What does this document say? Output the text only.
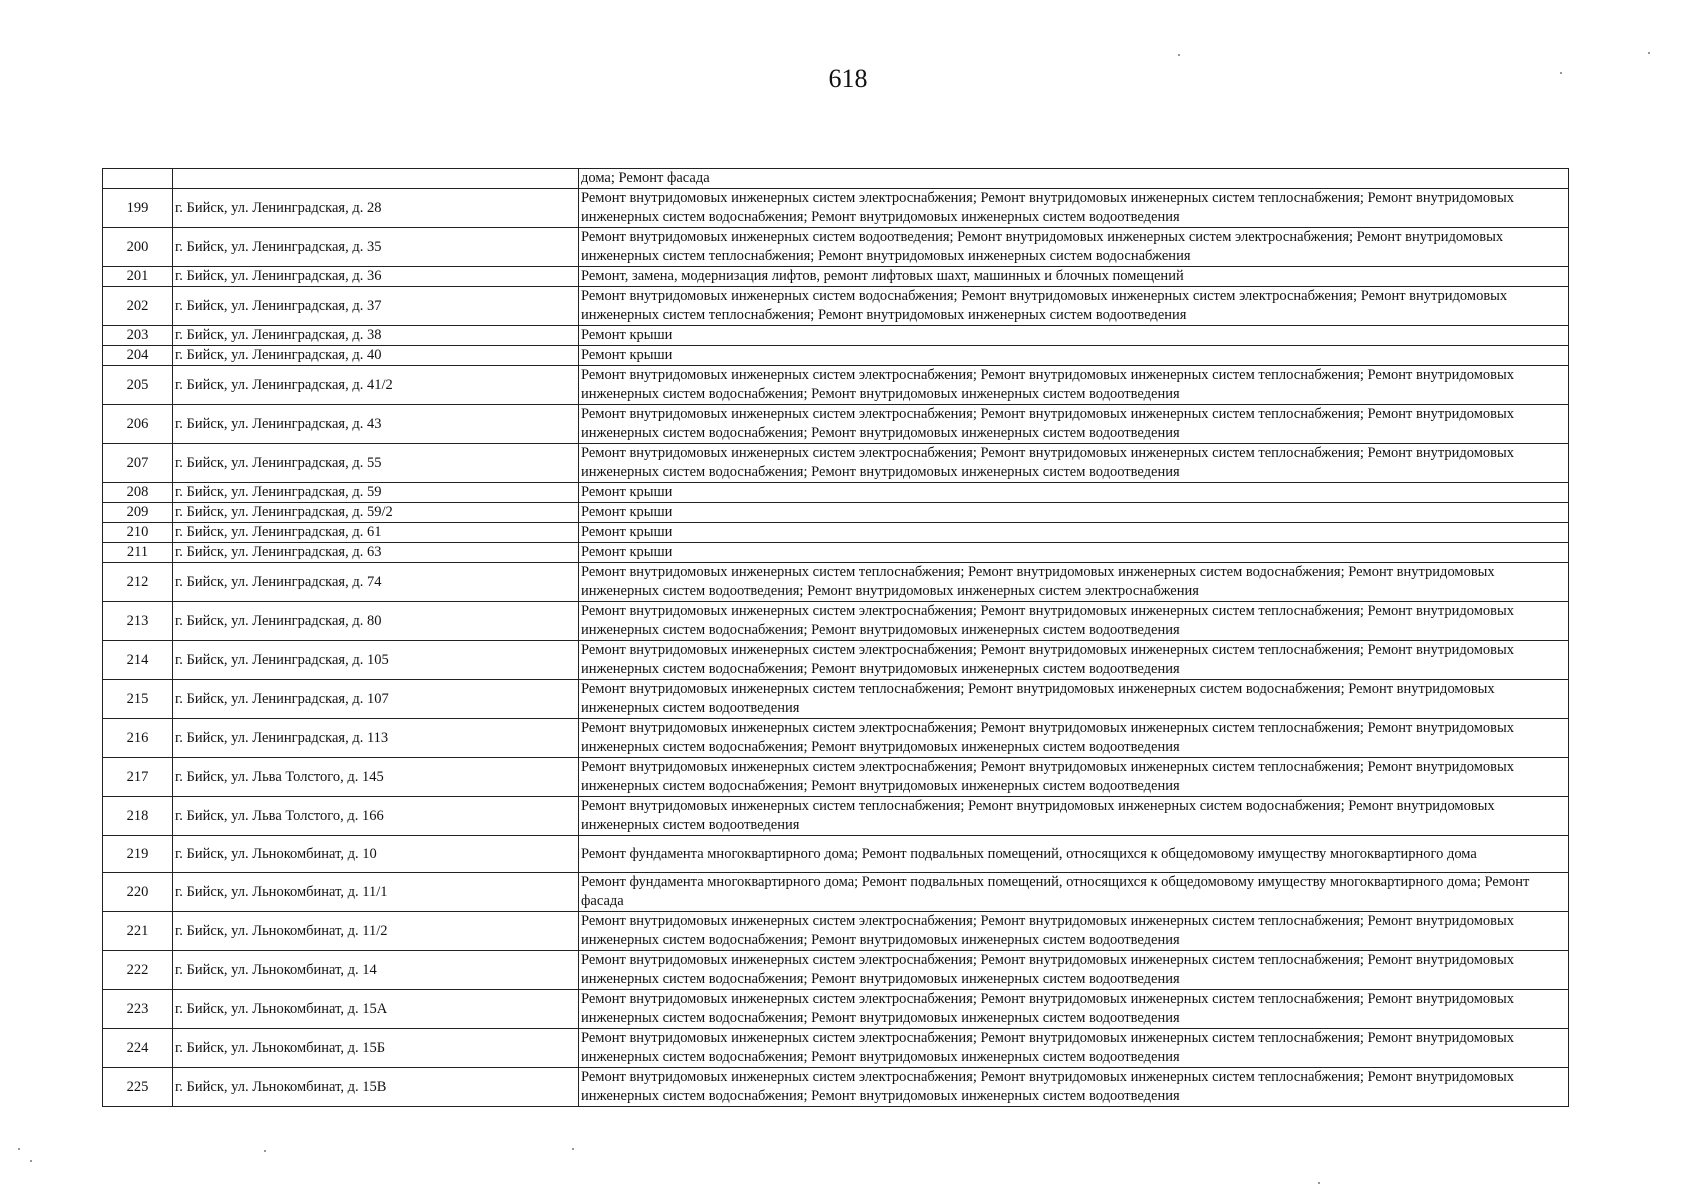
618
		дома; Ремонт фасада
199	г. Бийск, ул. Ленинградская, д. 28	Ремонт внутридомовых инженерных систем электроснабжения; Ремонт внутридомовых инженерных систем теплоснабжения; Ремонт внутридомовых инженерных систем водоснабжения; Ремонт внутридомовых инженерных систем водоотведения
200	г. Бийск, ул. Ленинградская, д. 35	Ремонт внутридомовых инженерных систем водоотведения; Ремонт внутридомовых инженерных систем электроснабжения; Ремонт внутридомовых инженерных систем теплоснабжения; Ремонт внутридомовых инженерных систем водоснабжения
201	г. Бийск, ул. Ленинградская, д. 36	Ремонт, замена, модернизация лифтов, ремонт лифтовых шахт, машинных и блочных помещений
202	г. Бийск, ул. Ленинградская, д. 37	Ремонт внутридомовых инженерных систем водоснабжения; Ремонт внутридомовых инженерных систем электроснабжения; Ремонт внутридомовых инженерных систем теплоснабжения; Ремонт внутридомовых инженерных систем водоотведения
203	г. Бийск, ул. Ленинградская, д. 38	Ремонт крыши
204	г. Бийск, ул. Ленинградская, д. 40	Ремонт крыши
205	г. Бийск, ул. Ленинградская, д. 41/2	Ремонт внутридомовых инженерных систем электроснабжения; Ремонт внутридомовых инженерных систем теплоснабжения; Ремонт внутридомовых инженерных систем водоснабжения; Ремонт внутридомовых инженерных систем водоотведения
206	г. Бийск, ул. Ленинградская, д. 43	Ремонт внутридомовых инженерных систем электроснабжения; Ремонт внутридомовых инженерных систем теплоснабжения; Ремонт внутридомовых инженерных систем водоснабжения; Ремонт внутридомовых инженерных систем водоотведения
207	г. Бийск, ул. Ленинградская, д. 55	Ремонт внутридомовых инженерных систем электроснабжения; Ремонт внутридомовых инженерных систем теплоснабжения; Ремонт внутридомовых инженерных систем водоснабжения; Ремонт внутридомовых инженерных систем водоотведения
208	г. Бийск, ул. Ленинградская, д. 59	Ремонт крыши
209	г. Бийск, ул. Ленинградская, д. 59/2	Ремонт крыши
210	г. Бийск, ул. Ленинградская, д. 61	Ремонт крыши
211	г. Бийск, ул. Ленинградская, д. 63	Ремонт крыши
212	г. Бийск, ул. Ленинградская, д. 74	Ремонт внутридомовых инженерных систем теплоснабжения; Ремонт внутридомовых инженерных систем водоснабжения; Ремонт внутридомовых инженерных систем водоотведения; Ремонт внутридомовых инженерных систем электроснабжения
213	г. Бийск, ул. Ленинградская, д. 80	Ремонт внутридомовых инженерных систем электроснабжения; Ремонт внутридомовых инженерных систем теплоснабжения; Ремонт внутридомовых инженерных систем водоснабжения; Ремонт внутридомовых инженерных систем водоотведения
214	г. Бийск, ул. Ленинградская, д. 105	Ремонт внутридомовых инженерных систем электроснабжения; Ремонт внутридомовых инженерных систем теплоснабжения; Ремонт внутридомовых инженерных систем водоснабжения; Ремонт внутридомовых инженерных систем водоотведения
215	г. Бийск, ул. Ленинградская, д. 107	Ремонт внутридомовых инженерных систем теплоснабжения; Ремонт внутридомовых инженерных систем водоснабжения; Ремонт внутридомовых инженерных систем водоотведения
216	г. Бийск, ул. Ленинградская, д. 113	Ремонт внутридомовых инженерных систем электроснабжения; Ремонт внутридомовых инженерных систем теплоснабжения; Ремонт внутридомовых инженерных систем водоснабжения; Ремонт внутридомовых инженерных систем водоотведения
217	г. Бийск, ул. Льва Толстого, д. 145	Ремонт внутридомовых инженерных систем электроснабжения; Ремонт внутридомовых инженерных систем теплоснабжения; Ремонт внутридомовых инженерных систем водоснабжения; Ремонт внутридомовых инженерных систем водоотведения
218	г. Бийск, ул. Льва Толстого, д. 166	Ремонт внутридомовых инженерных систем теплоснабжения; Ремонт внутридомовых инженерных систем водоснабжения; Ремонт внутридомовых инженерных систем водоотведения
219	г. Бийск, ул. Льнокомбинат, д. 10	Ремонт фундамента многоквартирного дома; Ремонт подвальных помещений, относящихся к общедомовому имуществу многоквартирного дома
220	г. Бийск, ул. Льнокомбинат, д. 11/1	Ремонт фундамента многоквартирного дома; Ремонт подвальных помещений, относящихся к общедомовому имуществу многоквартирного дома; Ремонт фасада
221	г. Бийск, ул. Льнокомбинат, д. 11/2	Ремонт внутридомовых инженерных систем электроснабжения; Ремонт внутридомовых инженерных систем теплоснабжения; Ремонт внутридомовых инженерных систем водоснабжения; Ремонт внутридомовых инженерных систем водоотведения
222	г. Бийск, ул. Льнокомбинат, д. 14	Ремонт внутридомовых инженерных систем электроснабжения; Ремонт внутридомовых инженерных систем теплоснабжения; Ремонт внутридомовых инженерных систем водоснабжения; Ремонт внутридомовых инженерных систем водоотведения
223	г. Бийск, ул. Льнокомбинат, д. 15А	Ремонт внутридомовых инженерных систем электроснабжения; Ремонт внутридомовых инженерных систем теплоснабжения; Ремонт внутридомовых инженерных систем водоснабжения; Ремонт внутридомовых инженерных систем водоотведения
224	г. Бийск, ул. Льнокомбинат, д. 15Б	Ремонт внутридомовых инженерных систем электроснабжения; Ремонт внутридомовых инженерных систем теплоснабжения; Ремонт внутридомовых инженерных систем водоснабжения; Ремонт внутридомовых инженерных систем водоотведения
225	г. Бийск, ул. Льнокомбинат, д. 15В	Ремонт внутридомовых инженерных систем электроснабжения; Ремонт внутридомовых инженерных систем теплоснабжения; Ремонт внутридомовых инженерных систем водоснабжения; Ремонт внутридомовых инженерных систем водоотведения
